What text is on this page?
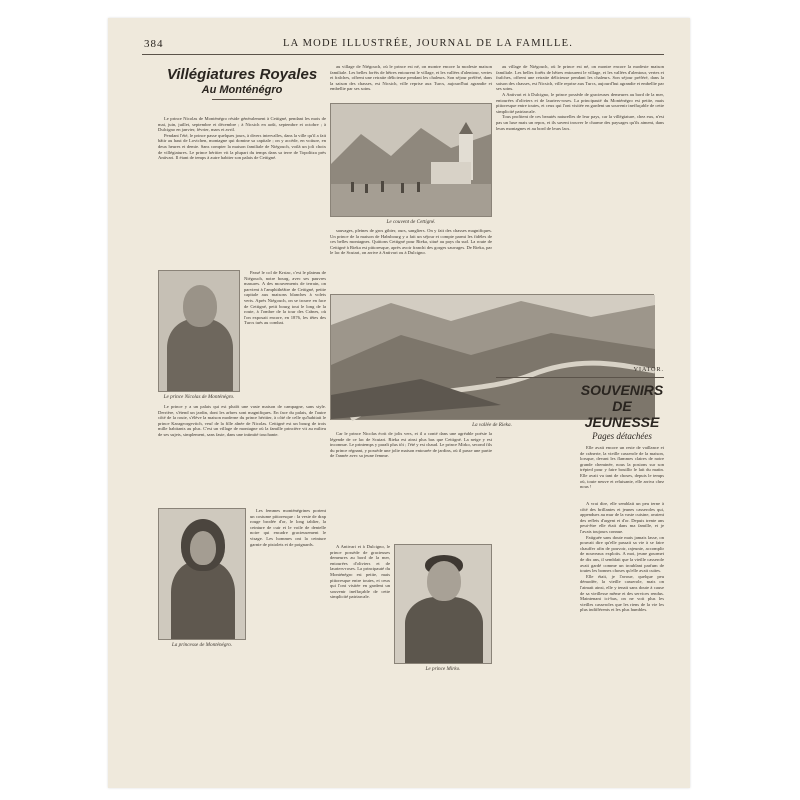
384	LA MODE ILLUSTRÉE, JOURNAL DE LA FAMILLE.
Villégiatures Royales
Au Monténégro

Le prince Nicolas de Monténégro réside généralement à Cettigné, pendant les mois de mai, juin, juillet, septembre et décembre ; à Nicsich en août, septembre et octobre ; à Dulcigno en janvier, février, mars et avril.

Pendant l'été, le prince passe quelques jours, à divers intervalles, dans la ville qu'il a fait bâtir au haut de Lovtchen, montagne qui domine sa capitale ; on y accède, en voiture, en deux heures et demie. Sans compter la maison familiale de Niégouch, voilà un joli choix de villégiatures. Le prince héritier vit la plupart du temps dans sa terre de Topolitza près Antivari. Il étant de temps à autre habiter son palais de Cettigné.

Le prince Nicolas de Monténégro.

Passé le col de Krstac, c'est le plateau de Niégouch, notre bourg, avec ses pauvres masures. A des mouvements de terrain, on parvient à l'amphithéâtre de Cettigné, petite capitale aux maisons blanches à volets verts. Après Niégouch, on se trouve en face de Cettigné, petit bourg tout le long de la route, à l'ombre de la tour des Crânes, où l'on exposait encore, en 1876, les têtes des Turcs tués au combat.

Le prince y a un palais qui est plutôt une vaste maison de campagne, sans style. Derrière, s'étend un jardin, dont les arbres sont magnifiques. En face du palais, de l'autre côté de la route, s'élève la maison moderne du prince héritier, à côté de celle qu'habitait le prince Karageorgevitch, veuf de la fille aînée de Nicolas. Cettigné est un bourg de trois mille habitants au plus. C'est un village de montagne où la famille princière vit au milieu de ses sujets, simplement, sans faste, dans une intimité touchante.

La princesse de Monténégro.

Les femmes monténégrines portent un costume pittoresque : la veste de drap rouge brodée d'or, le long tablier, la ceinture de cuir et le voile de dentelle noire qui encadre gracieusement le visage. Les hommes ont la ceinture garnie de pistolets et de poignards.

au village de Niégouch, où le prince est né, on montre encore la modeste maison familiale. Les belles forêts de hêtres entourent le village, et les vallées d'alentour, vertes et fraîches, offrent une retraite délicieuse pendant les chaleurs. Son séjour préféré, dans la saison des chasses, est Nicsich, ville reprise aux Turcs, aujourd'hui agrandie et embellie par ses soins.

Le couvent de Cettigné.

sauvages, pleines de gros gibier, ours, sangliers. On y fait des chasses magnifiques. Un prince de la maison de Habsbourg y a fait un séjour et compte parmi les fidèles de ces belles montagnes. Quittons Cettigné pour Rieka, situé au pays du sud. La route de Cettigné à Rieka est pittoresque, après avoir franchi des gorges sauvages. De Rieka, par le lac de Scutari, on arrive à Antivari ou à Dulcigno.

La vallée de Rieka.

Car le prince Nicolas écrit de jolis vers, et il a conté dans une agréable poésie la légende de ce lac de Scutari. Rieka est ainsi plus bas que Cettigné. La neige y est inconnue. Le printemps y paraît plus tôt ; l'été y est chaud. Le prince Mirko, second fils du prince régnant, y possède une jolie maison entourée de jardins, où il passe une partie de l'année avec sa jeune femme.

A Antivari et à Dulcigno, le prince possède de gracieuses demeures au bord de la mer, entourées d'oliviers et de lauriers-roses. La principauté du Monténégro est petite, mais pittoresque entre toutes, et ceux qui l'ont visitée en gardent un souvenir ineffaçable de cette simplicité patriarcale.

Le prince Mirko.

au village de Niégouch, où le prince est né, on montre encore la modeste maison familiale. Les belles forêts de hêtres entourent le village, et les vallées d'alentour, vertes et fraîches, offrent une retraite délicieuse pendant les chaleurs. Son séjour préféré, dans la saison des chasses, est Nicsich, ville reprise aux Turcs, aujourd'hui agrandie et embellie par ses soins.

A Antivari et à Dulcigno, le prince possède de gracieuses demeures au bord de la mer, entourées d'oliviers et de lauriers-roses. La principauté du Monténégro est petite, mais pittoresque entre toutes, et ceux qui l'ont visitée en gardent un souvenir ineffaçable de cette simplicité patriarcale.

Tous profitent de ces beautés naturelles de leur pays, car la villégiature, chez eux, n'est pas un luxe mais un repos, et ils savent trouver le charme des paysages qu'ils aiment, dans leurs montagnes et au bord de leurs lacs.

VIATOR.
SOUVENIRS DE JEUNESSE
Pages détachées

Elle avait encore un reste de vaillance et de crânerie, la vieille casserole de la maison, lorsque, devant les flammes claires de notre grande cheminée, nous la posions sur son trépied pour y faire bouillir le lait du matin. Elle avait vu tant de choses, depuis le temps où, toute neuve et reluisante, elle arriva chez nous !

A vrai dire, elle semblait un peu terne à côté des brillantes et jeunes casseroles qui, appendues au mur de la vaste cuisine, avaient des reflets d'argent et d'or. Depuis trente ans peut-être elle était dans ma famille, et je l'avais toujours connue.

Fatiguée sans doute mais jamais lasse, on pouvait dire qu'elle passait sa vie à se faire chauffer afin de pouvoir, rajeunie, accomplir de nouveaux exploits. A moi, jeune gourmet de dix ans, il semblait que la vieille casserole avait gardé comme un troublant parfum de toutes les bonnes choses qu'elle avait cuites.

Elle était, je l'avoue, quelque peu démodée, la vieille casserole, mais on l'aimait ainsi, elle y tenait sans doute à cause de sa vieillesse même et des services rendus. Maintenant ici-bas, on ne voit plus les vieilles casseroles que les riens de la vie les plus indifférents et les plus humbles.
